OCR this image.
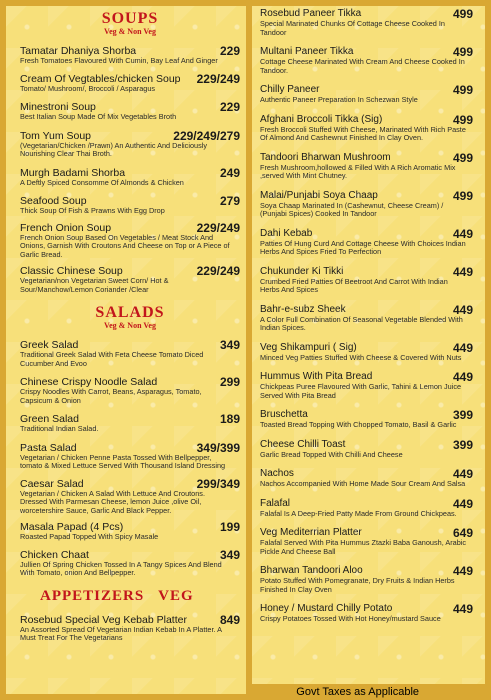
SOUPS
Veg & Non Veg
Tamatar Dhaniya Shorba	229
Fresh Tomatoes Flavoured With Cumin, Bay Leaf And Ginger
Cream Of Vegtables/chicken Soup	229/249
Tomato/ Mushroom/, Broccoli / Asparagus
Minestroni Soup	229
Best Italian Soup Made Of Mix Vegetables Broth
Tom Yum Soup	229/249/279
(Vegetarian/Chicken /Prawn) An Authentic And Deliciously Nourishing Clear Thai Broth.
Murgh Badami Shorba	249
A Deftly Spiced Consomme Of Almonds & Chicken
Seafood Soup	279
Thick Soup Of Fish & Prawns With Egg Drop
French Onion Soup	229/249
French Onion Soup Based On Vegetables / Meat Stock And Onions, Garnish With Croutons And Cheese on Top or A Piece of Garlic Bread.
Classic Chinese Soup	229/249
Vegetarian/non Vegetarian Sweet Corn/ Hot & Sour/Manchow/Lemon Coriander /Clear
SALADS
Veg & Non Veg
Greek Salad	349
Traditional Greek Salad With Feta Cheese Tomato Diced Cucumber And Evoo
Chinese Crispy Noodle Salad	299
Crispy Noodles With Carrot, Beans, Asparagus, Tomato, Capsicum & Onion
Green Salad	189
Traditional Indian Salad.
Pasta Salad	349/399
Vegetarian / Chicken Penne Pasta Tossed With Bellpepper, tomato & Mixed Lettuce Served With Thousand Island Dressing
Caesar Salad	299/349
Vegetarian / Chicken A Salad With Lettuce And Croutons. Dressed With Parmesan Cheese, lemon Juice ,olive Oil, worcetershire Sauce, Garlic And Black Pepper.
Masala Papad (4 Pcs)	199
Roasted Papad Topped With Spicy Masale
Chicken Chaat	349
Jullien Of Spring Chicken Tossed In A Tangy Spices And Blend With Tomato, onion And Bellpepper.
APPETIZERS   VEG
Rosebud Special Veg Kebab Platter	849
An Assorted Spread Of Vegetarian Indian Kebab In A Platter. A Must Treat For The Vegetarians
Rosebud Paneer Tikka	499
Special Marinated Chunks Of Cottage Cheese Cooked In Tandoor
Multani Paneer Tikka	499
Cottage Cheese Marinated With Cream And Cheese Cooked In Tandoor.
Chilly Paneer	499
Authentic Paneer Preparation In Schezwan Style
Afghani Broccoli Tikka (Sig)	499
Fresh Broccoli Stuffed With Cheese, Marinated With Rich Paste Of Almond And Cashewnut Finished In Clay Oven.
Tandoori Bharwan Mushroom	499
Fresh Mushroom,hollowed & Filled With A Rich Aromatic Mix ,served With Mint Chutney.
Malai/Punjabi Soya Chaap	499
Soya Chaap Marinated In (Cashewnut, Cheese Cream) / (Punjabi Spices) Cooked In Tandoor
Dahi Kebab	449
Patties Of Hung Curd And Cottage Cheese With Choices Indian Herbs And Spices Fried To Perfection
Chukunder Ki Tikki	449
Crumbed Fried Patties Of Beetroot And Carrot With Indian Herbs And Spices
Bahr-e-subz Sheek	449
A Color Full Combination Of Seasonal Vegetable Blended With Indian Spices.
Veg Shikampuri ( Sig)	449
Minced Veg Patties Stuffed With Cheese & Covered With Nuts
Hummus With Pita Bread	449
Chickpeas Puree Flavoured With Garlic, Tahini & Lemon Juice Served With Pita Bread
Bruschetta	399
Toasted Bread Topping With Chopped Tomato, Basil & Garlic
Cheese Chilli Toast	399
Garlic Bread Topped With Chilli And Cheese
Nachos	449
Nachos Accompanied With Home Made Sour Cream And Salsa
Falafal	449
Falafal Is A Deep-Fried Patty Made From Ground Chickpeas.
Veg Mediterrian Platter	649
Falafal Served With Pita Hummus Ztazki Baba Ganoush, Arabic Pickle And Cheese Ball
Bharwan Tandoori Aloo	449
Potato Stuffed With Pomegranate, Dry Fruits & Indian Herbs Finished In Clay Oven
Honey / Mustard Chilly Potato	449
Crispy Potatoes Tossed With Hot Honey/mustard Sauce
Govt Taxes as Applicable
